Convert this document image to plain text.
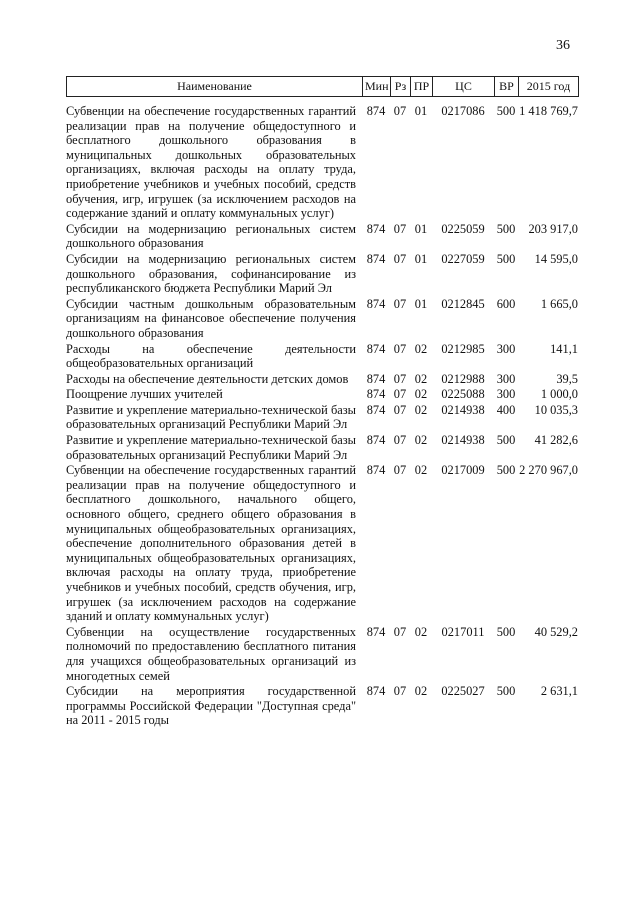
36
Наименование	Мин	Рз	ПР	ЦС	ВР	2015 год
Субвенции на обеспечение государственных гарантий реализации прав на получение общедоступного и бесплатного дошкольного образования в муниципальных дошкольных образовательных организациях, включая расходы на оплату труда, приобретение учебников и учебных пособий, средств обучения, игр, игрушек (за исключением расходов на содержание зданий и оплату коммунальных услуг)	874	07	01	0217086	500	1 418 769,7
Субсидии на модернизацию региональных систем дошкольного образования	874	07	01	0225059	500	203 917,0
Субсидии на модернизацию региональных систем дошкольного образования, софинансирование из республиканского бюджета Республики Марий Эл	874	07	01	0227059	500	14 595,0
Субсидии частным дошкольным образовательным организациям на финансовое обеспечение получения дошкольного образования	874	07	01	0212845	600	1 665,0
Расходы на обеспечение деятельности общеобразовательных организаций	874	07	02	0212985	300	141,1
Расходы на обеспечение деятельности детских домов	874	07	02	0212988	300	39,5
Поощрение лучших учителей	874	07	02	0225088	300	1 000,0
Развитие и укрепление материально-технической базы образовательных организаций Республики Марий Эл	874	07	02	0214938	400	10 035,3
Развитие и укрепление материально-технической базы образовательных организаций Республики Марий Эл	874	07	02	0214938	500	41 282,6
Субвенции на обеспечение государственных гарантий реализации прав на получение общедоступного и бесплатного дошкольного, начального общего, основного общего, среднего общего образования в муниципальных общеобразовательных организациях, обеспечение дополнительного образования детей в муниципальных общеобразовательных организациях, включая расходы на оплату труда, приобретение учебников и учебных пособий, средств обучения, игр, игрушек (за исключением расходов на содержание зданий и оплату коммунальных услуг)	874	07	02	0217009	500	2 270 967,0
Субвенции на осуществление государственных полномочий по предоставлению бесплатного питания для учащихся общеобразовательных организаций из многодетных семей	874	07	02	0217011	500	40 529,2
Субсидии на мероприятия государственной программы Российской Федерации "Доступная среда" на 2011 - 2015 годы	874	07	02	0225027	500	2 631,1
